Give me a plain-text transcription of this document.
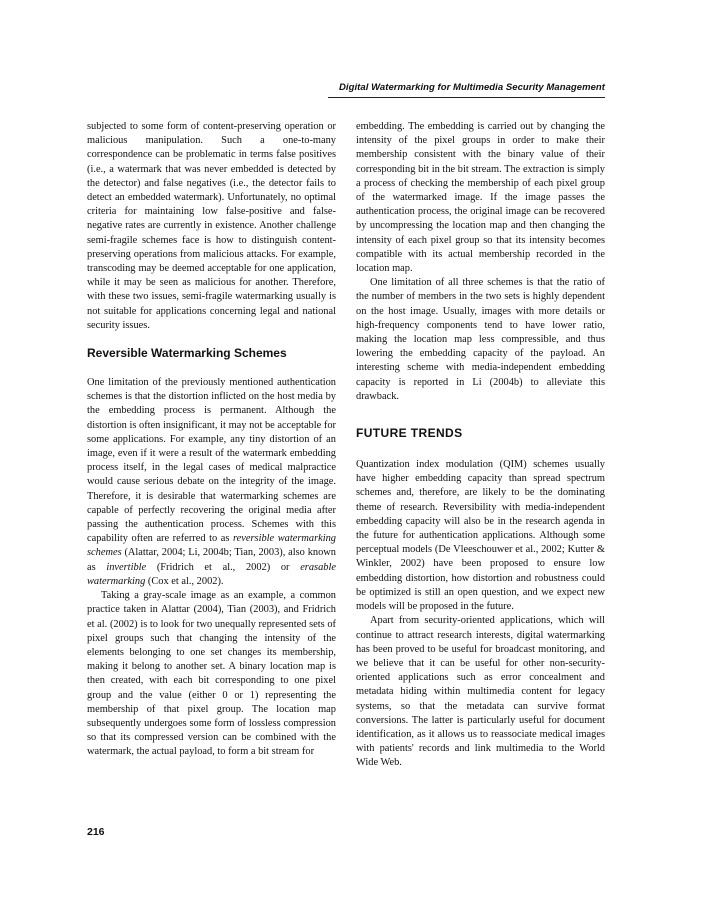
Digital Watermarking for Multimedia Security Management

subjected to some form of content-preserving operation or malicious manipulation. Such a one-to-many correspondence can be problematic in terms false positives (i.e., a watermark that was never embedded is detected by the detector) and false negatives (i.e., the detector fails to detect an embedded watermark). Unfortunately, no optimal criteria for maintaining low false-positive and false-negative rates are currently in existence. Another challenge semi-fragile schemes face is how to distinguish content-preserving operations from malicious attacks. For example, transcoding may be deemed acceptable for one application, while it may be seen as malicious for another. Therefore, with these two issues, semi-fragile watermarking usually is not suitable for applications concerning legal and national security issues.

Reversible Watermarking Schemes

One limitation of the previously mentioned authentication schemes is that the distortion inflicted on the host media by the embedding process is permanent. Although the distortion is often insignificant, it may not be acceptable for some applications. For example, any tiny distortion of an image, even if it were a result of the watermark embedding process itself, in the legal cases of medical malpractice would cause serious debate on the integrity of the image. Therefore, it is desirable that watermarking schemes are capable of perfectly recovering the original media after passing the authentication process. Schemes with this capability often are referred to as reversible watermarking schemes (Alattar, 2004; Li, 2004b; Tian, 2003), also known as invertible (Fridrich et al., 2002) or erasable watermarking (Cox et al., 2002).

Taking a gray-scale image as an example, a common practice taken in Alattar (2004), Tian (2003), and Fridrich et al. (2002) is to look for two unequally represented sets of pixel groups such that changing the intensity of the elements belonging to one set changes its membership, making it belong to another set. A binary location map is then created, with each bit corresponding to one pixel group and the value (either 0 or 1) representing the membership of that pixel group. The location map subsequently undergoes some form of lossless compression so that its compressed version can be combined with the watermark, the actual payload, to form a bit stream for

embedding. The embedding is carried out by changing the intensity of the pixel groups in order to make their membership consistent with the binary value of their corresponding bit in the bit stream. The extraction is simply a process of checking the membership of each pixel group of the watermarked image. If the image passes the authentication process, the original image can be recovered by uncompressing the location map and then changing the intensity of each pixel group so that its intensity becomes compatible with its actual membership recorded in the location map.

One limitation of all three schemes is that the ratio of the number of members in the two sets is highly dependent on the host image. Usually, images with more details or high-frequency components tend to have lower ratio, making the location map less compressible, and thus lowering the embedding capacity of the payload. An interesting scheme with media-independent embedding capacity is reported in Li (2004b) to alleviate this drawback.

FUTURE TRENDS

Quantization index modulation (QIM) schemes usually have higher embedding capacity than spread spectrum schemes and, therefore, are likely to be the dominating theme of research. Reversibility with media-independent embedding capacity will also be in the research agenda in the future for authentication applications. Although some perceptual models (De Vleeschouwer et al., 2002; Kutter & Winkler, 2002) have been proposed to ensure low embedding distortion, how distortion and robustness could be optimized is still an open question, and we expect new models will be proposed in the future.

Apart from security-oriented applications, which will continue to attract research interests, digital watermarking has been proved to be useful for broadcast monitoring, and we believe that it can be useful for other non-security-oriented applications such as error concealment and metadata hiding within multimedia content for legacy systems, so that the metadata can survive format conversions. The latter is particularly useful for document identification, as it allows us to reassociate medical images with patients' records and link multimedia to the World Wide Web.

216
